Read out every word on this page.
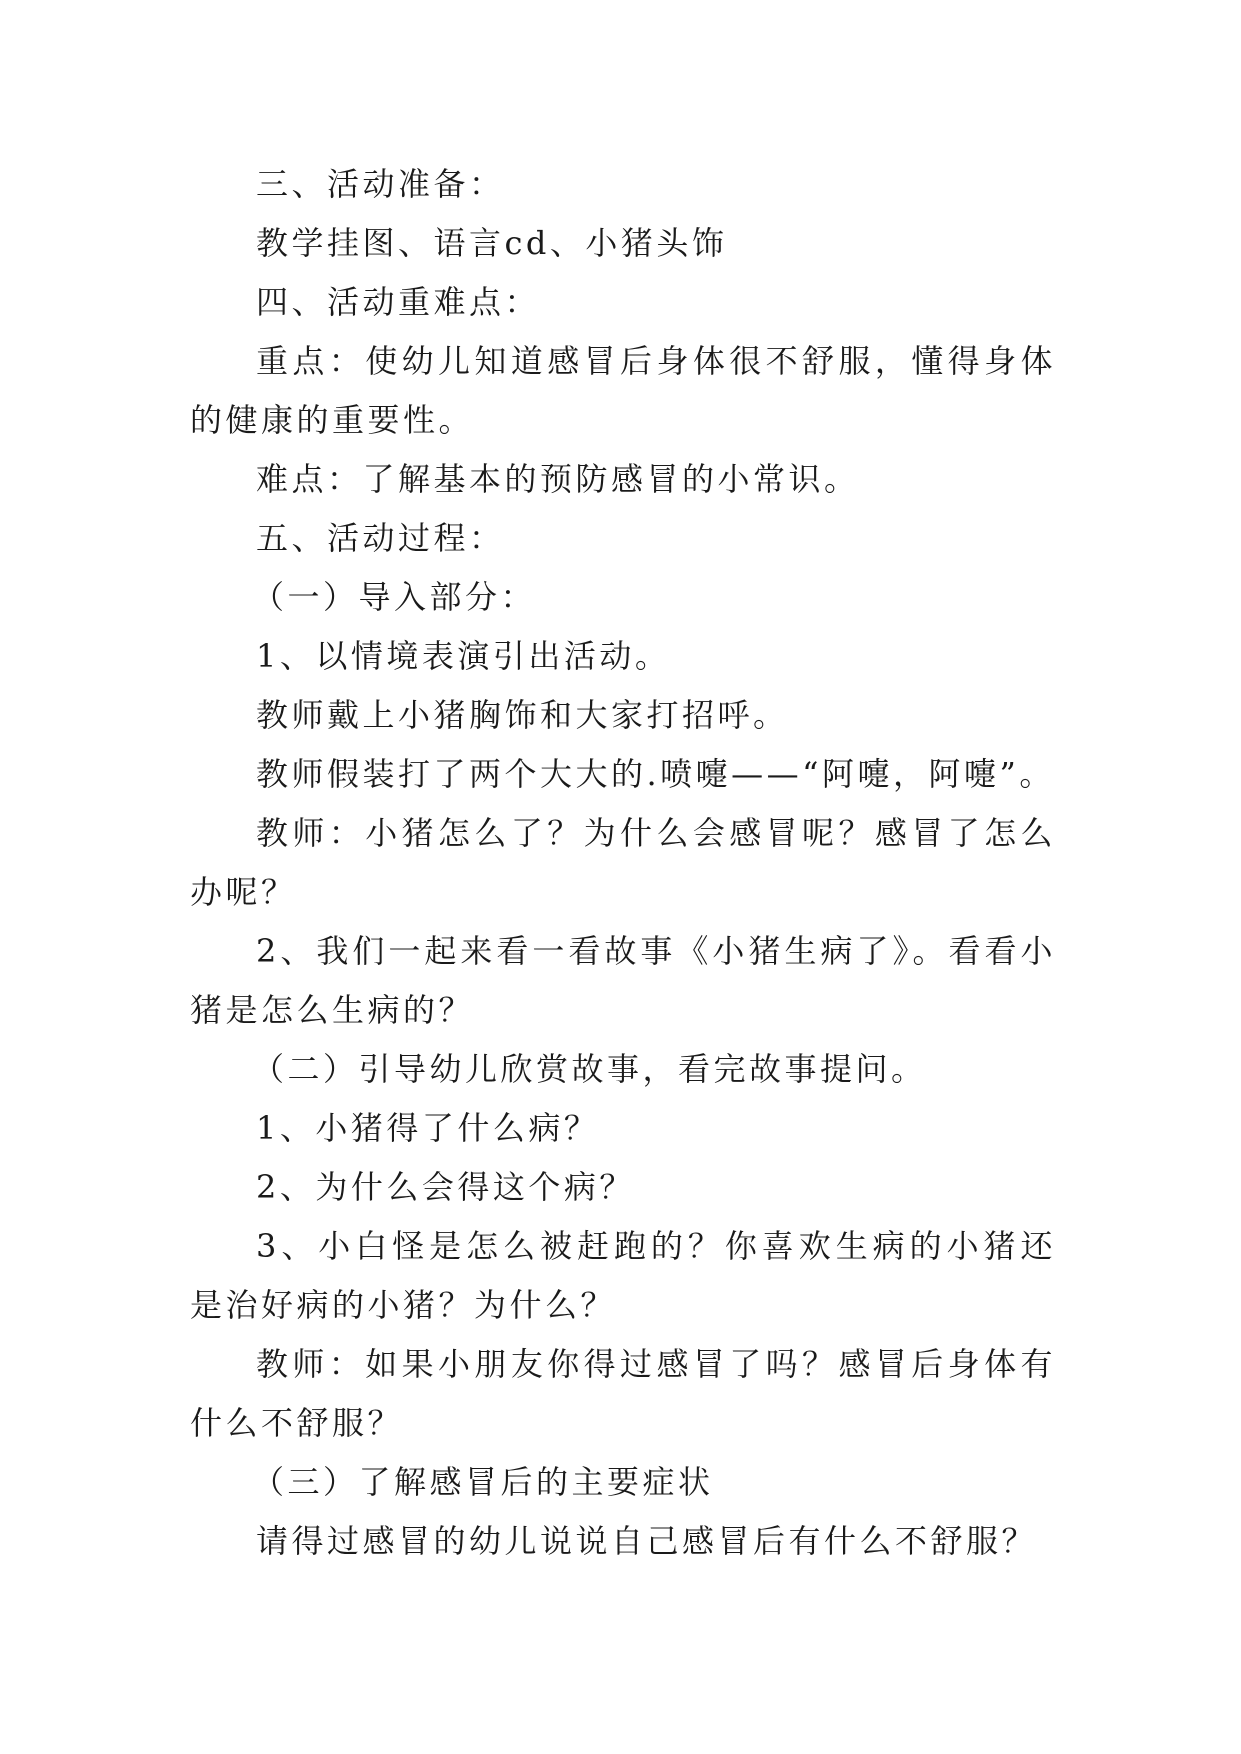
三、活动准备：

教学挂图、语言cd、小猪头饰

四、活动重难点：

重点：使幼儿知道感冒后身体很不舒服，懂得身体的健康的重要性。

难点：了解基本的预防感冒的小常识。

五、活动过程：

（一）导入部分：

1、以情境表演引出活动。

教师戴上小猪胸饰和大家打招呼。

教师假装打了两个大大的.喷嚏——“阿嚏，阿嚏”。

教师：小猪怎么了？为什么会感冒呢？感冒了怎么办呢？

2、我们一起来看一看故事《小猪生病了》。看看小猪是怎么生病的？

（二）引导幼儿欣赏故事，看完故事提问。

1、小猪得了什么病？

2、为什么会得这个病？

3、小白怪是怎么被赶跑的？你喜欢生病的小猪还是治好病的小猪？为什么？

教师：如果小朋友你得过感冒了吗？感冒后身体有什么不舒服？

（三）了解感冒后的主要症状

请得过感冒的幼儿说说自己感冒后有什么不舒服？
